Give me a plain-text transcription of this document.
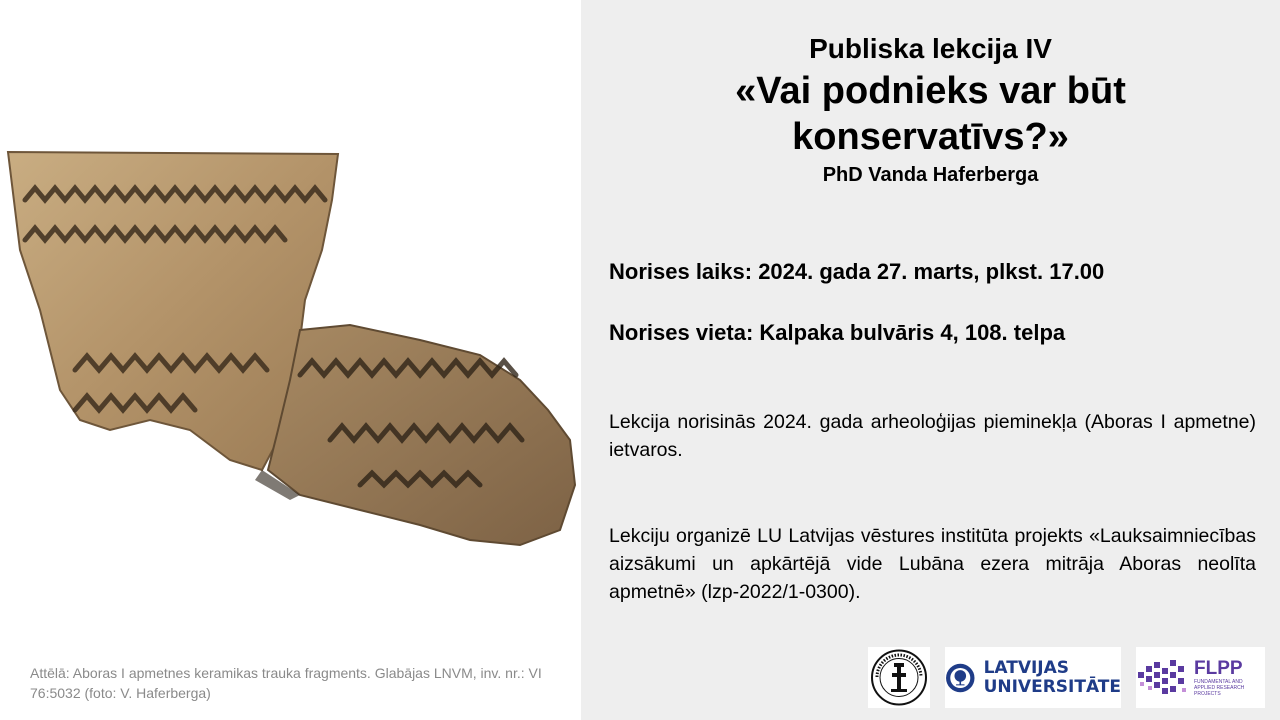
Attēlā: Aboras I apmetnes keramikas trauka fragments. Glabājas LNVM, inv. nr.: VI 76:5032 (foto: V. Haferberga)
Publiska lekcija IV
«Vai podnieks var būt konservatīvs?»
PhD Vanda Haferberga
Norises laiks: 2024. gada 27. marts, plkst. 17.00
Norises vieta: Kalpaka bulvāris 4, 108. telpa
Lekcija norisinās 2024. gada arheoloģijas pieminekļa (Aboras I apmetne) ietvaros.
Lekciju organizē LU Latvijas vēstures institūta projekts «Lauksaimniecības aizsākumi un apkārtējā vide Lubāna ezera mitrāja Aboras neolīta apmetnē» (lzp-2022/1-0300).
LATVIJAS
UNIVERSITĀTE
FLPP
FUNDAMENTAL AND APPLIED RESEARCH PROJECTS
